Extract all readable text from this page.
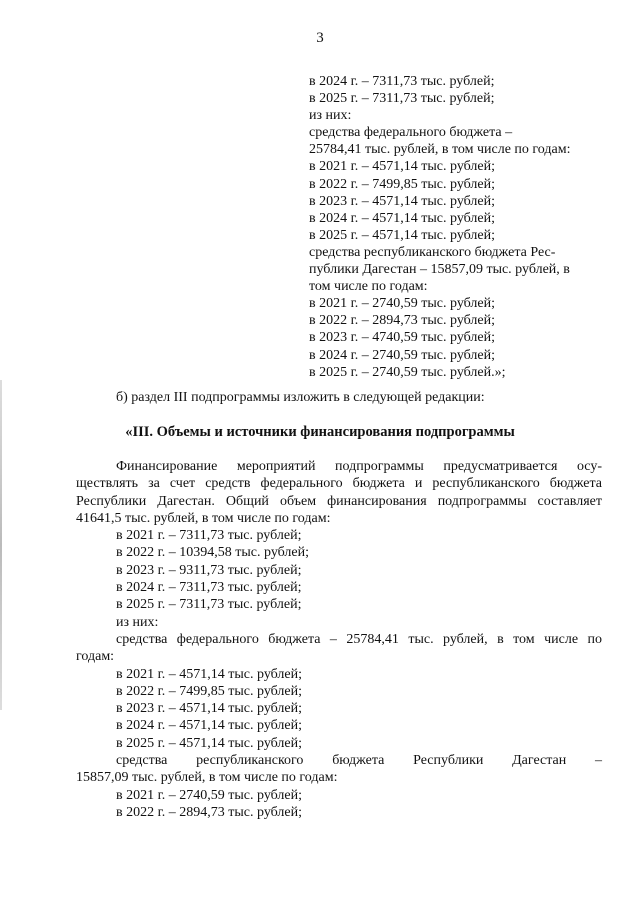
3
в 2024 г. – 7311,73 тыс. рублей;
в 2025 г. – 7311,73 тыс. рублей;
из них:
средства федерального бюджета –
25784,41 тыс. рублей, в том числе по годам:
в 2021 г. – 4571,14 тыс. рублей;
в 2022 г. – 7499,85 тыс. рублей;
в 2023 г. – 4571,14 тыс. рублей;
в 2024 г. – 4571,14 тыс. рублей;
в 2025 г. – 4571,14 тыс. рублей;
средства республиканского бюджета Рес-
публики Дагестан – 15857,09 тыс. рублей, в
том числе по годам:
в 2021 г. – 2740,59 тыс. рублей;
в 2022 г. – 2894,73 тыс. рублей;
в 2023 г. – 4740,59 тыс. рублей;
в 2024 г. – 2740,59 тыс. рублей;
в 2025 г. – 2740,59 тыс. рублей.»;
б) раздел III подпрограммы изложить в следующей редакции:
«III. Объемы и источники финансирования подпрограммы
Финансирование мероприятий подпрограммы предусматривается осу-
ществлять за счет средств федерального бюджета и республиканского бюджета
Республики Дагестан. Общий объем финансирования подпрограммы составляет
41641,5 тыс. рублей, в том числе по годам:
в 2021 г. – 7311,73 тыс. рублей;
в 2022 г. – 10394,58 тыс. рублей;
в 2023 г. – 9311,73 тыс. рублей;
в 2024 г. – 7311,73 тыс. рублей;
в 2025 г. – 7311,73 тыс. рублей;
из них:
средства федерального бюджета – 25784,41 тыс. рублей, в том числе по
годам:
в 2021 г. – 4571,14 тыс. рублей;
в 2022 г. – 7499,85 тыс. рублей;
в 2023 г. – 4571,14 тыс. рублей;
в 2024 г. – 4571,14 тыс. рублей;
в 2025 г. – 4571,14 тыс. рублей;
средства республиканского бюджета Республики Дагестан –
15857,09 тыс. рублей, в том числе по годам:
в 2021 г. – 2740,59 тыс. рублей;
в 2022 г. – 2894,73 тыс. рублей;
